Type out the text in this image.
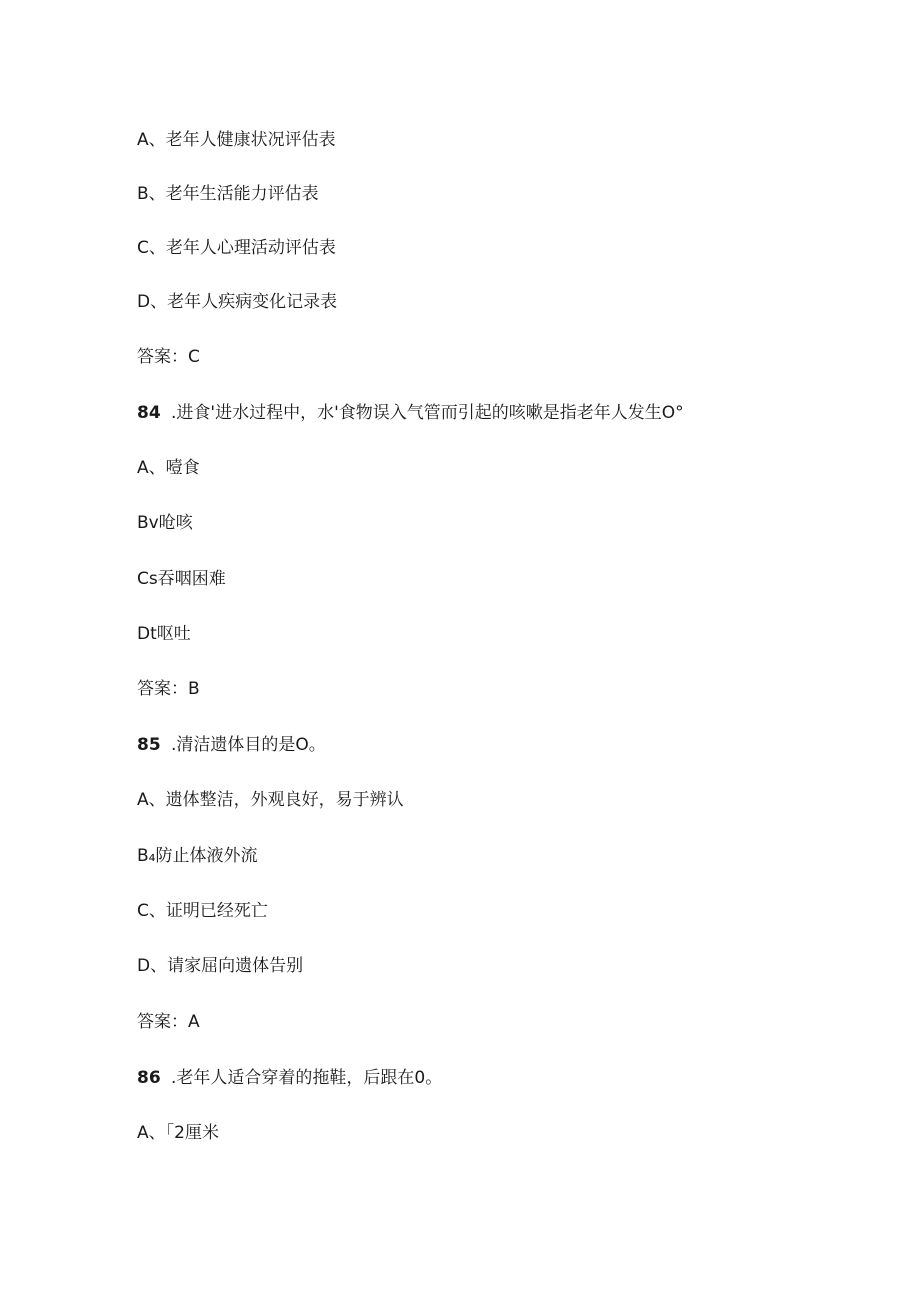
A、老年人健康状况评估表
B、老年生活能力评估表
C、老年人心理活动评估表
D、老年人疾病变化记录表
答案：C
84 .进食'进水过程中，水'食物误入气管而引起的咳嗽是指老年人发生O°
A、噎食
Bv呛咳
Cs吞咽困难
Dt呕吐
答案：B
85 .清洁遗体目的是O。
A、遗体整洁，外观良好，易于辨认
B₄防止体液外流
C、证明已经死亡
D、请家屈向遗体告别
答案：A
86 .老年人适合穿着的拖鞋，后跟在0。
A、「2厘米
